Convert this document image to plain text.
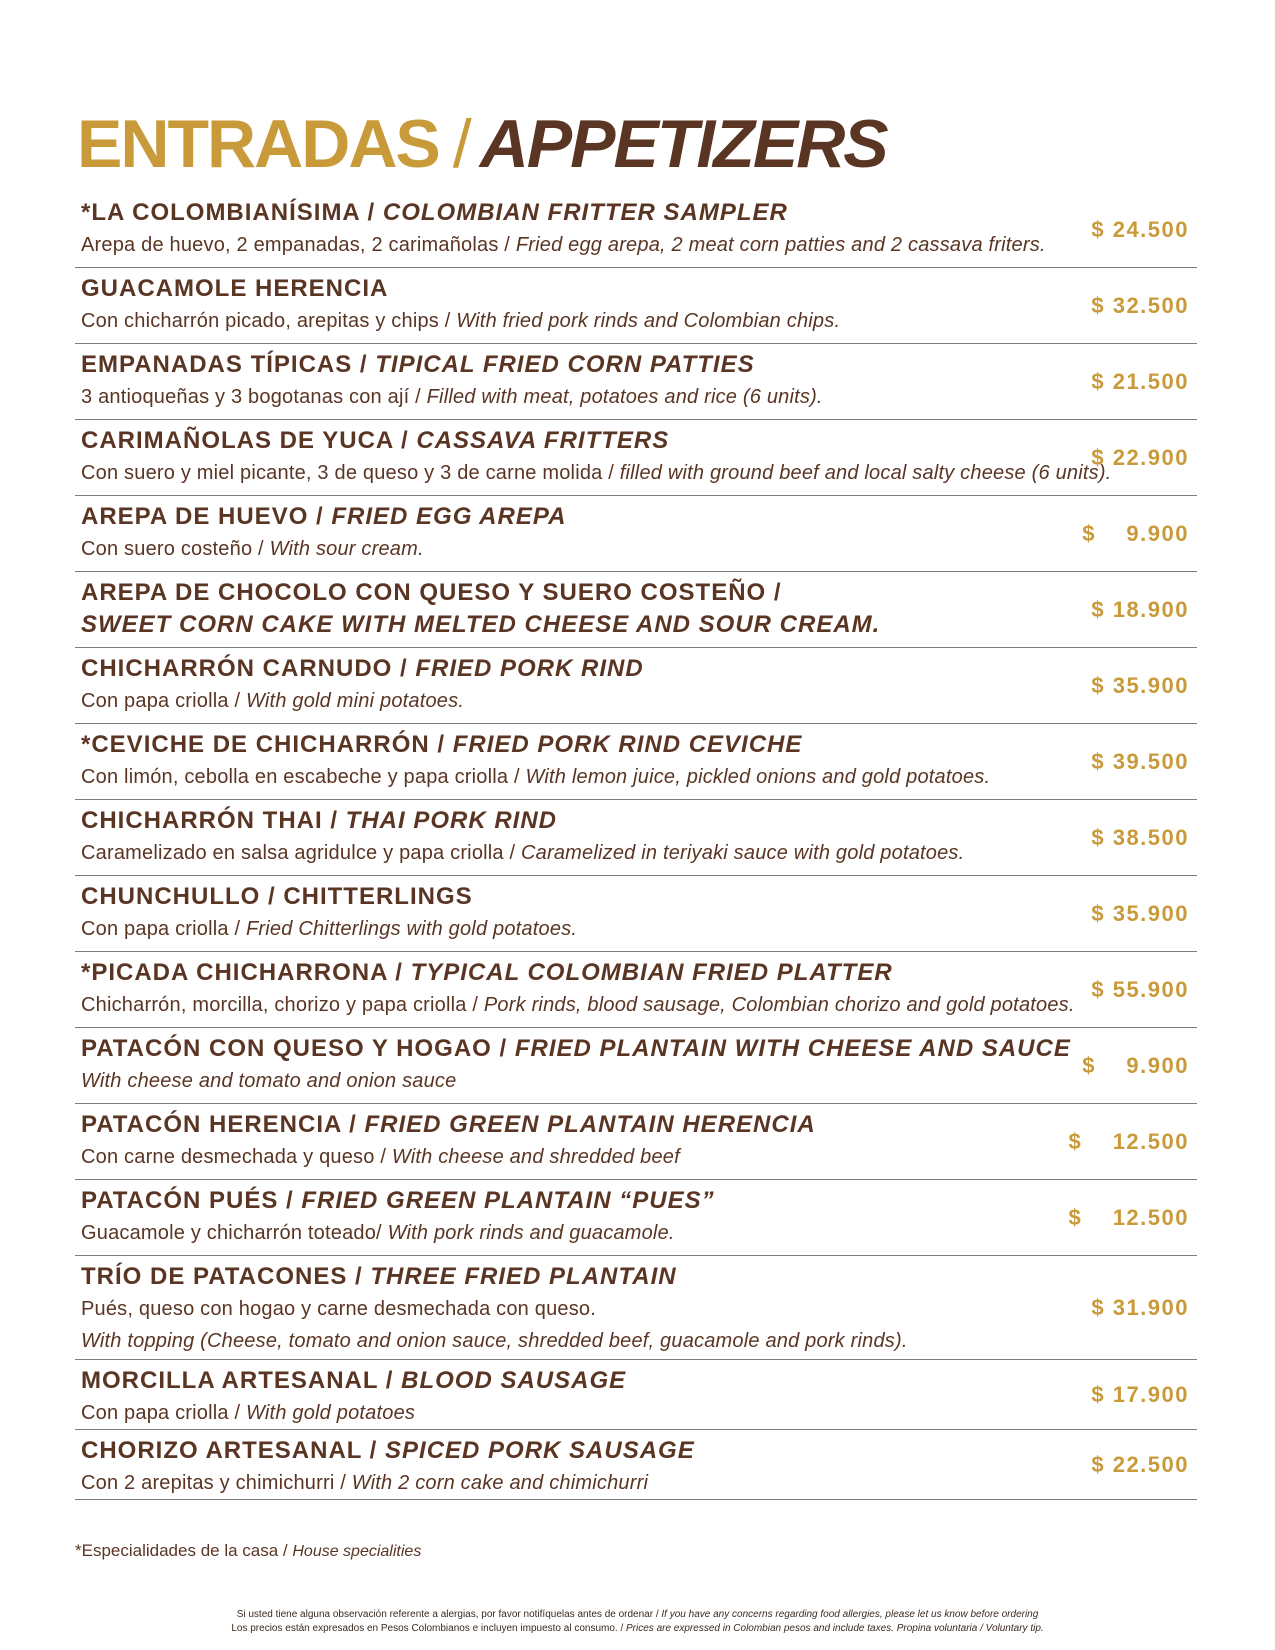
ENTRADAS / APPETIZERS

*LA COLOMBIANÍSIMA / COLOMBIAN FRITTER SAMPLER

Arepa de huevo, 2 empanadas, 2 carimañolas / Fried egg arepa, 2 meat corn patties and 2 cassava friters.

$ 24.500

GUACAMOLE HERENCIA

Con chicharrón picado, arepitas y chips / With fried pork rinds and Colombian chips.

$ 32.500

EMPANADAS TÍPICAS / TIPICAL FRIED CORN PATTIES

3 antioqueñas y 3 bogotanas con ají / Filled with meat, potatoes and rice (6 units).

$ 21.500

CARIMAÑOLAS DE YUCA / CASSAVA FRITTERS

Con suero y miel picante, 3 de queso y 3 de carne molida / filled with ground beef and local salty cheese (6 units).

$ 22.900

AREPA DE HUEVO / FRIED EGG AREPA

Con suero costeño / With sour cream.

$    9.900

AREPA DE CHOCOLO CON QUESO Y SUERO COSTEÑO /

SWEET CORN CAKE WITH MELTED CHEESE AND SOUR CREAM.

$ 18.900

CHICHARRÓN CARNUDO / FRIED PORK RIND

Con papa criolla / With gold mini potatoes.

$ 35.900

*CEVICHE DE CHICHARRÓN / FRIED PORK RIND CEVICHE

Con limón, cebolla en escabeche y papa criolla / With lemon juice, pickled onions and gold potatoes.

$ 39.500

CHICHARRÓN THAI / THAI PORK RIND

Caramelizado en salsa agridulce y papa criolla / Caramelized in teriyaki sauce with gold potatoes.

$ 38.500

CHUNCHULLO / CHITTERLINGS

Con papa criolla / Fried Chitterlings with gold potatoes.

$ 35.900

*PICADA CHICHARRONA / TYPICAL COLOMBIAN FRIED PLATTER

Chicharrón, morcilla, chorizo y papa criolla / Pork rinds, blood sausage, Colombian chorizo and gold potatoes.

$ 55.900

PATACÓN CON QUESO Y HOGAO / FRIED PLANTAIN WITH CHEESE AND SAUCE

With cheese and tomato and onion sauce

$    9.900

PATACÓN HERENCIA / FRIED GREEN PLANTAIN HERENCIA

Con carne desmechada y queso / With cheese and shredded beef

$    12.500

PATACÓN PUÉS / FRIED GREEN PLANTAIN “PUES”

Guacamole y chicharrón toteado/ With pork rinds and guacamole.

$    12.500

TRÍO DE PATACONES / THREE FRIED PLANTAIN

Pués, queso con hogao y carne desmechada con queso.

With topping (Cheese, tomato and onion sauce, shredded beef, guacamole and pork rinds).

$ 31.900

MORCILLA ARTESANAL / BLOOD SAUSAGE

Con papa criolla / With gold potatoes

$ 17.900

CHORIZO ARTESANAL / SPICED PORK SAUSAGE

Con 2 arepitas y chimichurri / With 2 corn cake and chimichurri

$ 22.500

*Especialidades de la casa / House specialities

Si usted tiene alguna observación referente a alergias, por favor notifíquelas antes de ordenar / If you have any concerns regarding food allergies, please let us know before ordering

Los precios están expresados en Pesos Colombianos e incluyen impuesto al consumo. / Prices are expressed in Colombian pesos and include taxes. Propina voluntaria / Voluntary tip.
